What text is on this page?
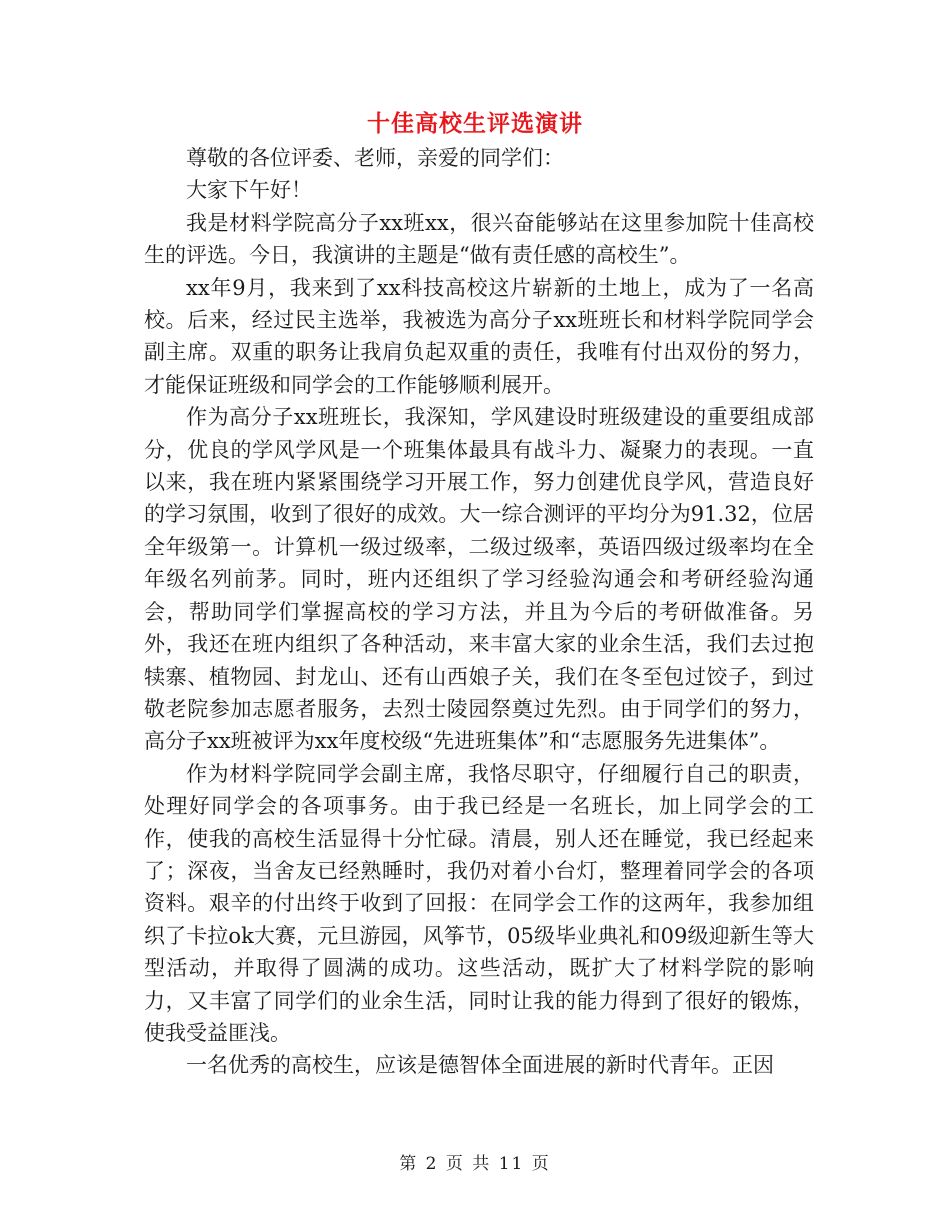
十佳高校生评选演讲

尊敬的各位评委、老师，亲爱的同学们：

大家下午好！

我是材料学院高分子xx班xx，很兴奋能够站在这里参加院十佳高校生的评选。今日，我演讲的主题是“做有责任感的高校生”。

xx年9月，我来到了xx科技高校这片崭新的土地上，成为了一名高校。后来，经过民主选举，我被选为高分子xx班班长和材料学院同学会副主席。双重的职务让我肩负起双重的责任，我唯有付出双份的努力，才能保证班级和同学会的工作能够顺利展开。

作为高分子xx班班长，我深知，学风建设时班级建设的重要组成部分，优良的学风学风是一个班集体最具有战斗力、凝聚力的表现。一直以来，我在班内紧紧围绕学习开展工作，努力创建优良学风，营造良好的学习氛围，收到了很好的成效。大一综合测评的平均分为91.32，位居全年级第一。计算机一级过级率，二级过级率，英语四级过级率均在全年级名列前茅。同时，班内还组织了学习经验沟通会和考研经验沟通会，帮助同学们掌握高校的学习方法，并且为今后的考研做准备。另外，我还在班内组织了各种活动，来丰富大家的业余生活，我们去过抱犊寨、植物园、封龙山、还有山西娘子关，我们在冬至包过饺子，到过敬老院参加志愿者服务，去烈士陵园祭奠过先烈。由于同学们的努力，高分子xx班被评为xx年度校级“先进班集体”和“志愿服务先进集体”。

作为材料学院同学会副主席，我恪尽职守，仔细履行自己的职责，处理好同学会的各项事务。由于我已经是一名班长，加上同学会的工作，使我的高校生活显得十分忙碌。清晨，别人还在睡觉，我已经起来了；深夜，当舍友已经熟睡时，我仍对着小台灯，整理着同学会的各项资料。艰辛的付出终于收到了回报：在同学会工作的这两年，我参加组织了卡拉ok大赛，元旦游园，风筝节，05级毕业典礼和09级迎新生等大型活动，并取得了圆满的成功。这些活动，既扩大了材料学院的影响力，又丰富了同学们的业余生活，同时让我的能力得到了很好的锻炼，使我受益匪浅。

一名优秀的高校生，应该是德智体全面进展的新时代青年。正因

第 2 页 共 11 页
